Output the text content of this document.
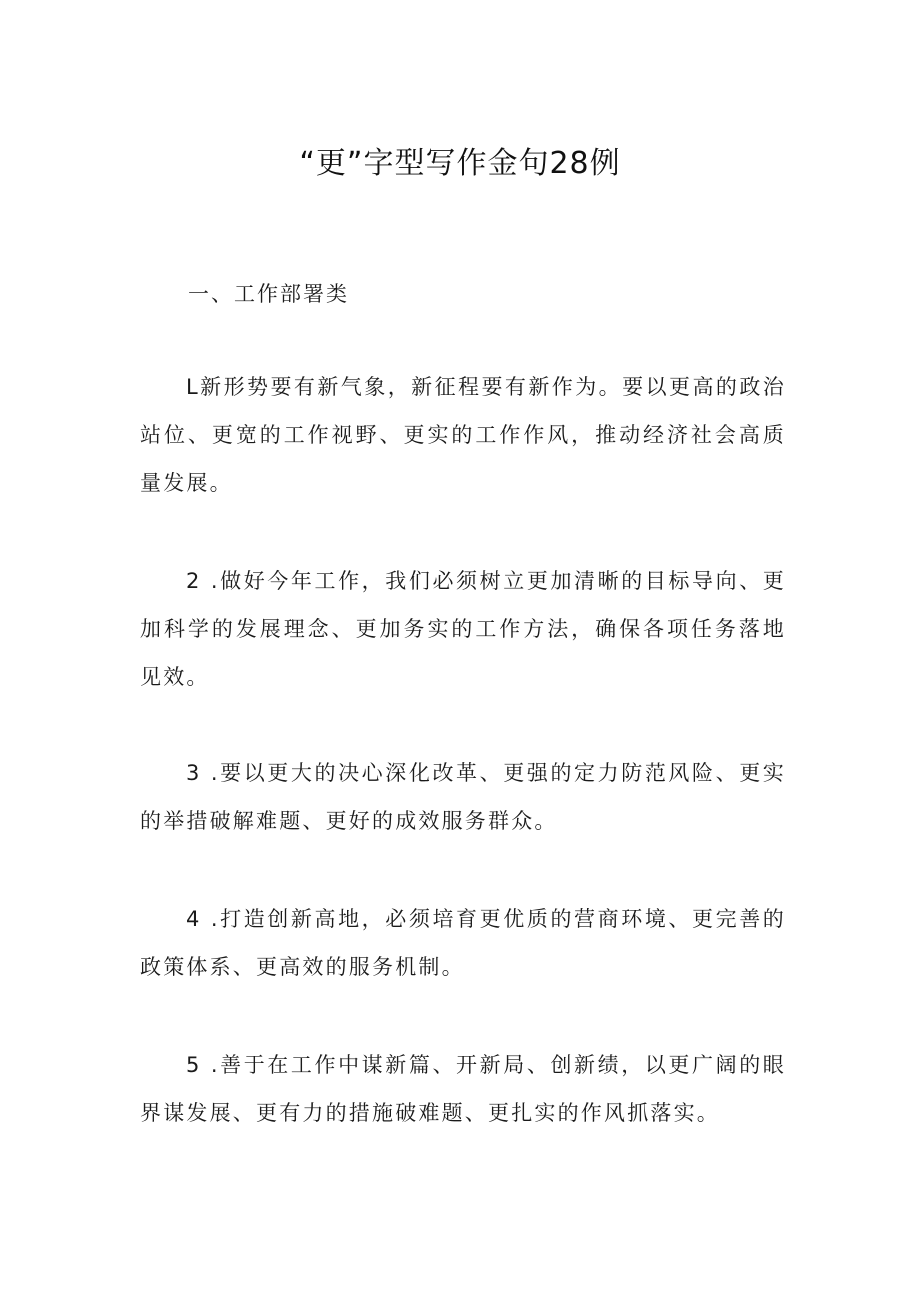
“更”字型写作金句28例
一、工作部署类
L新形势要有新气象，新征程要有新作为。要以更高的政治站位、更宽的工作视野、更实的工作作风，推动经济社会高质量发展。
2 .做好今年工作，我们必须树立更加清晰的目标导向、更加科学的发展理念、更加务实的工作方法，确保各项任务落地见效。
3 .要以更大的决心深化改革、更强的定力防范风险、更实的举措破解难题、更好的成效服务群众。
4 .打造创新高地，必须培育更优质的营商环境、更完善的政策体系、更高效的服务机制。
5 .善于在工作中谋新篇、开新局、创新绩，以更广阔的眼界谋发展、更有力的措施破难题、更扎实的作风抓落实。
